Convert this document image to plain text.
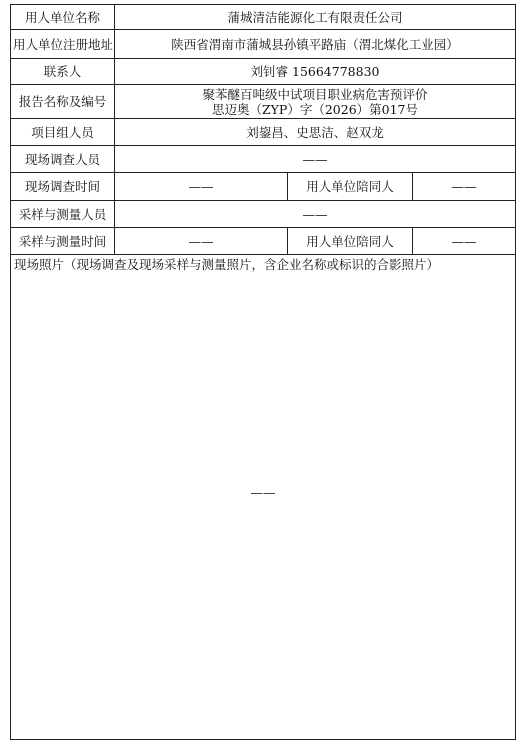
用人单位名称	蒲城清洁能源化工有限责任公司		
用人单位注册地址	陕西省渭南市蒲城县孙镇平路庙（渭北煤化工业园）		
联系人	刘钊睿 15664778830		
报告名称及编号	聚苯醚百吨级中试项目职业病危害预评价
思迈奥（ZYP）字（2026）第017号		

项目组人员	刘鋆昌、史思洁、赵双龙		
现场调查人员	——		
现场调查时间	——	用人单位陪同人	——
采样与测量人员	——		
采样与测量时间	——	用人单位陪同人	——

现场照片（现场调查及现场采样与测量照片，含企业名称或标识的合影照片）
——			
